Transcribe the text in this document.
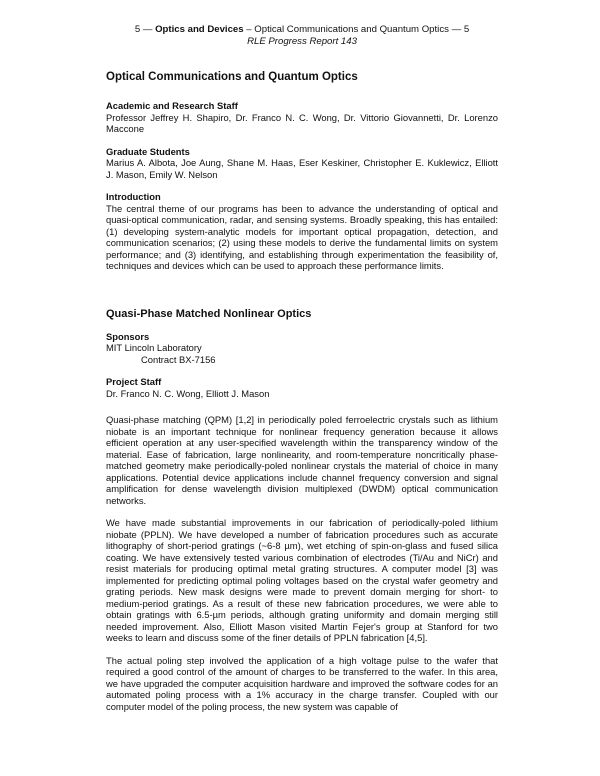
5 — Optics and Devices – Optical Communications and Quantum Optics — 5
RLE Progress Report 143
Optical Communications and Quantum Optics
Academic and Research Staff

Professor Jeffrey H. Shapiro, Dr. Franco N. C. Wong, Dr. Vittorio Giovannetti, Dr. Lorenzo Maccone

Graduate Students

Marius A. Albota, Joe Aung, Shane M. Haas, Eser Keskiner, Christopher E. Kuklewicz, Elliott J. Mason, Emily W. Nelson

Introduction

The central theme of our programs has been to advance the understanding of optical and quasi-optical communication, radar, and sensing systems. Broadly speaking, this has entailed: (1) developing system-analytic models for important optical propagation, detection, and communication scenarios; (2) using these models to derive the fundamental limits on system performance; and (3) identifying, and establishing through experimentation the feasibility of, techniques and devices which can be used to approach these performance limits.

Quasi-Phase Matched Nonlinear Optics
Sponsors

MIT Lincoln Laboratory

Contract BX-7156

Project Staff

Dr. Franco N. C. Wong, Elliott J. Mason

Quasi-phase matching (QPM) [1,2] in periodically poled ferroelectric crystals such as lithium niobate is an important technique for nonlinear frequency generation because it allows efficient operation at any user-specified wavelength within the transparency window of the material. Ease of fabrication, large nonlinearity, and room-temperature noncritically phase-matched geometry make periodically-poled nonlinear crystals the material of choice in many applications. Potential device applications include channel frequency conversion and signal amplification for dense wavelength division multiplexed (DWDM) optical communication networks.

We have made substantial improvements in our fabrication of periodically-poled lithium niobate (PPLN). We have developed a number of fabrication procedures such as accurate lithography of short-period gratings (~6-8 µm), wet etching of spin-on-glass and fused silica coating. We have extensively tested various combination of electrodes (Ti/Au and NiCr) and resist materials for producing optimal metal grating structures. A computer model [3] was implemented for predicting optimal poling voltages based on the crystal wafer geometry and grating periods. New mask designs were made to prevent domain merging for short- to medium-period gratings. As a result of these new fabrication procedures, we were able to obtain gratings with 6.5-µm periods, although grating uniformity and domain merging still needed improvement. Also, Elliott Mason visited Martin Fejer's group at Stanford for two weeks to learn and discuss some of the finer details of PPLN fabrication [4,5].

The actual poling step involved the application of a high voltage pulse to the wafer that required a good control of the amount of charges to be transferred to the wafer. In this area, we have upgraded the computer acquisition hardware and improved the software codes for an automated poling process with a 1% accuracy in the charge transfer. Coupled with our computer model of the poling process, the new system was capable of
